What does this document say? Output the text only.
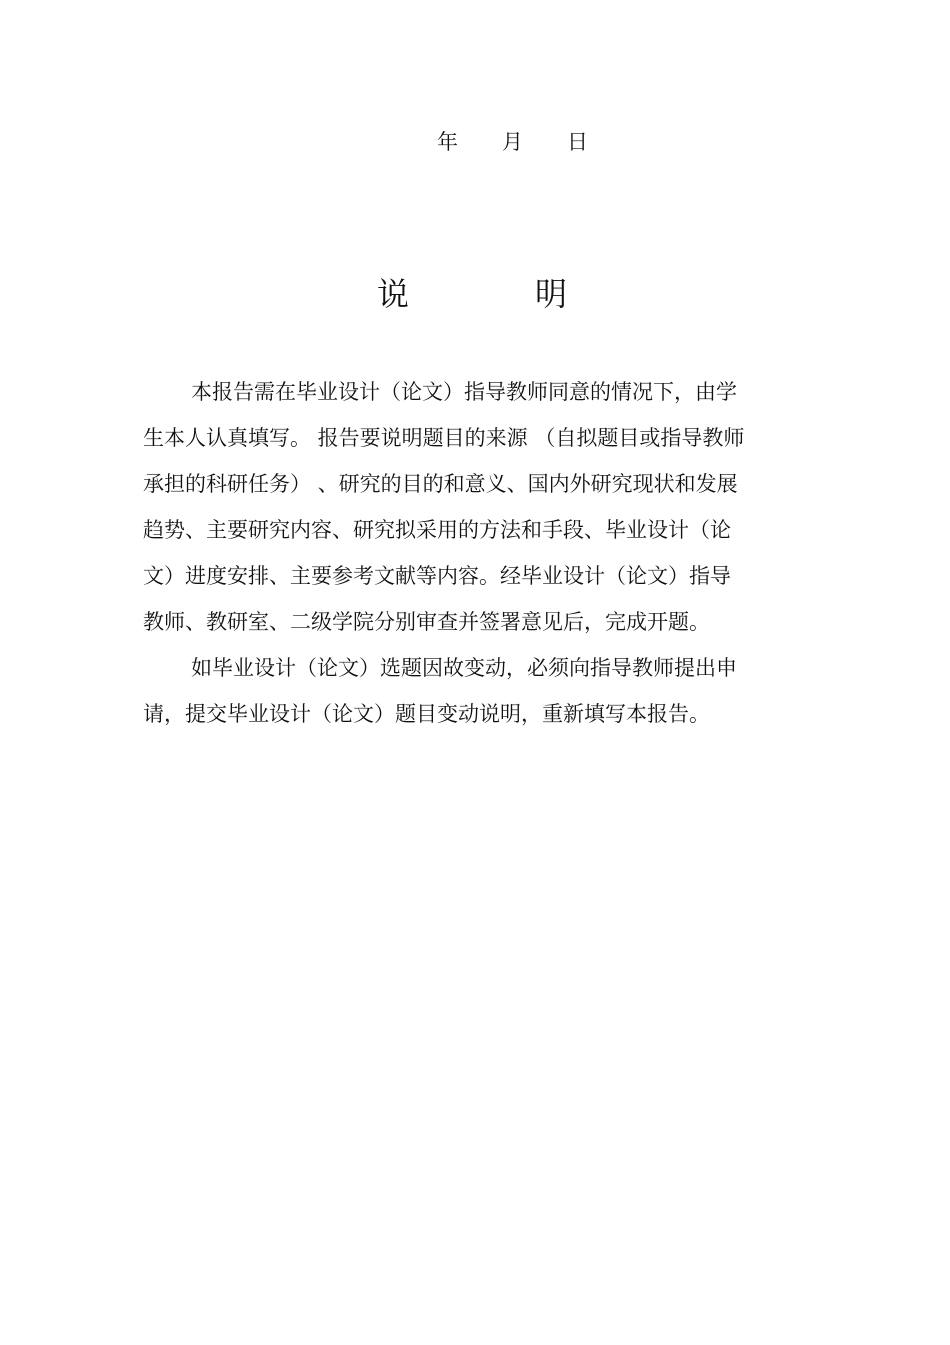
年 月 日
说	明
本报告需在毕业设计（论文）指导教师同意的情况下，由学
生本人认真填写。 报告要说明题目的来源 （自拟题目或指导教师
承担的科研任务） 、研究的目的和意义、国内外研究现状和发展
趋势、主要研究内容、研究拟采用的方法和手段、毕业设计（论
文）进度安排、主要参考文献等内容。经毕业设计（论文）指导
教师、教研室、二级学院分别审查并签署意见后，完成开题。
如毕业设计（论文）选题因故变动，必须向指导教师提出申
请，提交毕业设计（论文）题目变动说明，重新填写本报告。
